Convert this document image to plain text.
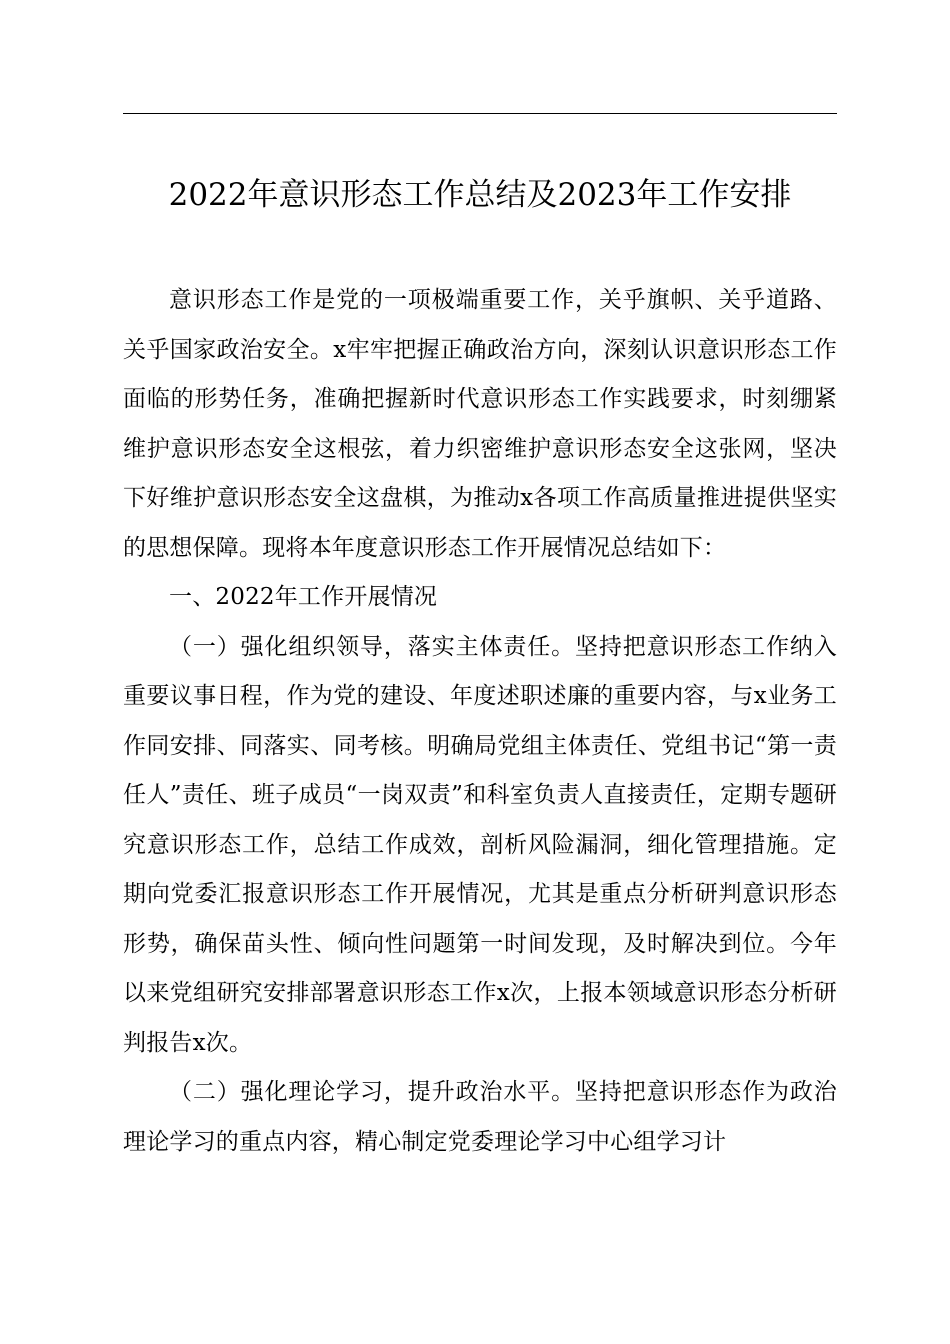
2022年意识形态工作总结及2023年工作安排

意识形态工作是党的一项极端重要工作，关乎旗帜、关乎道路、关乎国家政治安全。x牢牢把握正确政治方向，深刻认识意识形态工作面临的形势任务，准确把握新时代意识形态工作实践要求，时刻绷紧维护意识形态安全这根弦，着力织密维护意识形态安全这张网，坚决下好维护意识形态安全这盘棋，为推动x各项工作高质量推进提供坚实的思想保障。现将本年度意识形态工作开展情况总结如下：

一、2022年工作开展情况

（一）强化组织领导，落实主体责任。坚持把意识形态工作纳入重要议事日程，作为党的建设、年度述职述廉的重要内容，与x业务工作同安排、同落实、同考核。明确局党组主体责任、党组书记“第一责任人”责任、班子成员“一岗双责”和科室负责人直接责任，定期专题研究意识形态工作，总结工作成效，剖析风险漏洞，细化管理措施。定期向党委汇报意识形态工作开展情况，尤其是重点分析研判意识形态形势，确保苗头性、倾向性问题第一时间发现，及时解决到位。今年以来党组研究安排部署意识形态工作x次，上报本领域意识形态分析研判报告x次。

（二）强化理论学习，提升政治水平。坚持把意识形态作为政治理论学习的重点内容，精心制定党委理论学习中心组学习计
